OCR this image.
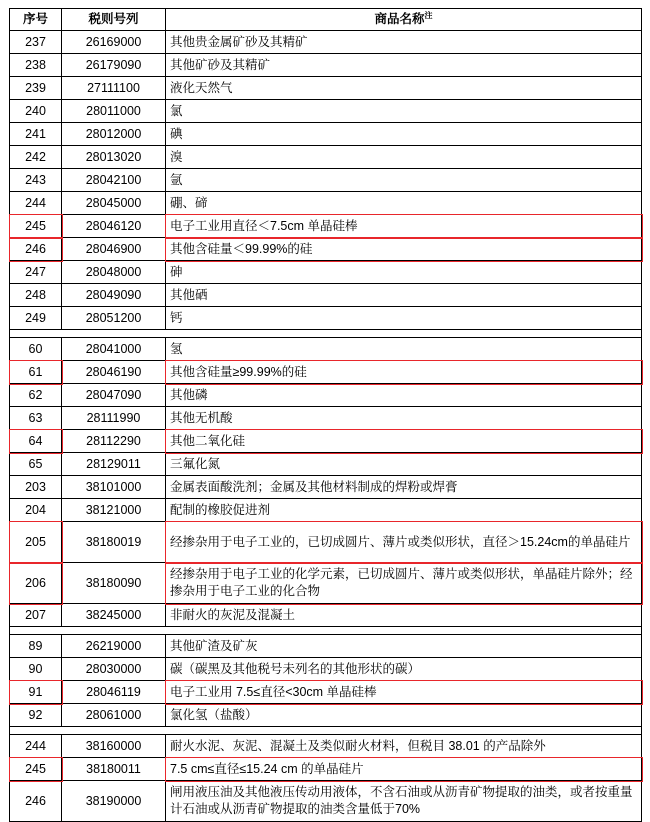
序号	税则号列	商品名称$^注$
237	26169000	其他贵金属矿砂及其精矿
238	26179090	其他矿砂及其精矿
239	27111100	液化天然气
240	28011000	氯
241	28012000	碘
242	28013020	溴
243	28042100	氩
244	28045000	硼、碲
245	28046120	电子工业用直径＜7.5cm 单晶硅棒
246	28046900	其他含硅量＜99.99%的硅
247	28048000	砷
248	28049090	其他硒
249	28051200	钙

60	28041000	氢
61	28046190	其他含硅量≥99.99%的硅
62	28047090	其他磷
63	28111990	其他无机酸
64	28112290	其他二氧化硅
65	28129011	三氟化氮
203	38101000	金属表面酸洗剂；金属及其他材料制成的焊粉或焊膏
204	38121000	配制的橡胶促进剂
205	38180019	经掺杂用于电子工业的，已切成圆片、薄片或类似形状，直径＞15.24cm的单晶硅片
206	38180090	经掺杂用于电子工业的化学元素，已切成圆片、薄片或类似形状，单晶硅片除外；经掺杂用于电子工业的化合物
207	38245000	非耐火的灰泥及混凝土

89	26219000	其他矿渣及矿灰
90	28030000	碳（碳黑及其他税号未列名的其他形状的碳）
91	28046119	电子工业用 7.5≤直径<30cm 单晶硅棒
92	28061000	氯化氢（盐酸）

244	38160000	耐火水泥、灰泥、混凝土及类似耐火材料，但税目 38.01 的产品除外
245	38180011	7.5 cm≤直径≤15.24 cm 的单晶硅片
246	38190000	闸用液压油及其他液压传动用液体，不含石油或从沥青矿物提取的油类，或者按重量计石油或从沥青矿物提取的油类含量低于70%
